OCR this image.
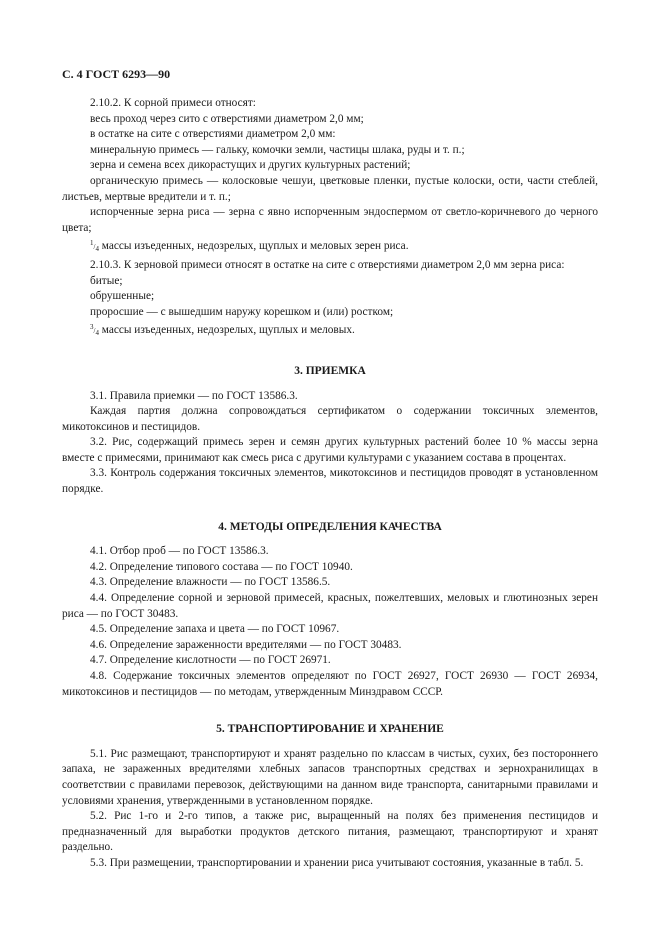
С. 4 ГОСТ 6293—90

2.10.2. К сорной примеси относят:

весь проход через сито с отверстиями диаметром 2,0 мм;

в остатке на сите с отверстиями диаметром 2,0 мм:

минеральную примесь — гальку, комочки земли, частицы шлака, руды и т. п.;

зерна и семена всех дикорастущих и других культурных растений;

органическую примесь — колосковые чешуи, цветковые пленки, пустые колоски, ости, части стеблей, листьев, мертвые вредители и т. п.;

испорченные зерна риса — зерна с явно испорченным эндоспермом от светло-коричневого до черного цвета;

1/4 массы изъеденных, недозрелых, щуплых и меловых зерен риса.

2.10.3. К зерновой примеси относят в остатке на сите с отверстиями диаметром 2,0 мм зерна риса:

битые;

обрушенные;

проросшие — с вышедшим наружу корешком и (или) ростком;

3/4 массы изъеденных, недозрелых, щуплых и меловых.

3. ПРИЕМКА

3.1. Правила приемки — по ГОСТ 13586.3.

Каждая партия должна сопровождаться сертификатом о содержании токсичных элементов, микотоксинов и пестицидов.

3.2. Рис, содержащий примесь зерен и семян других культурных растений более 10 % массы зерна вместе с примесями, принимают как смесь риса с другими культурами с указанием состава в процентах.

3.3. Контроль содержания токсичных элементов, микотоксинов и пестицидов проводят в установленном порядке.

4. МЕТОДЫ ОПРЕДЕЛЕНИЯ КАЧЕСТВА

4.1. Отбор проб — по ГОСТ 13586.3.

4.2. Определение типового состава — по ГОСТ 10940.

4.3. Определение влажности — по ГОСТ 13586.5.

4.4. Определение сорной и зерновой примесей, красных, пожелтевших, меловых и глютинозных зерен риса — по ГОСТ 30483.

4.5. Определение запаха и цвета — по ГОСТ 10967.

4.6. Определение зараженности вредителями — по ГОСТ 30483.

4.7. Определение кислотности — по ГОСТ 26971.

4.8. Содержание токсичных элементов определяют по ГОСТ 26927, ГОСТ 26930 — ГОСТ 26934, микотоксинов и пестицидов — по методам, утвержденным Минздравом СССР.

5. ТРАНСПОРТИРОВАНИЕ И ХРАНЕНИЕ

5.1. Рис размещают, транспортируют и хранят раздельно по классам в чистых, сухих, без постороннего запаха, не зараженных вредителями хлебных запасов транспортных средствах и зернохранилищах в соответствии с правилами перевозок, действующими на данном виде транспорта, санитарными правилами и условиями хранения, утвержденными в установленном порядке.

5.2. Рис 1-го и 2-го типов, а также рис, выращенный на полях без применения пестицидов и предназначенный для выработки продуктов детского питания, размещают, транспортируют и хранят раздельно.

5.3. При размещении, транспортировании и хранении риса учитывают состояния, указанные в табл. 5.
